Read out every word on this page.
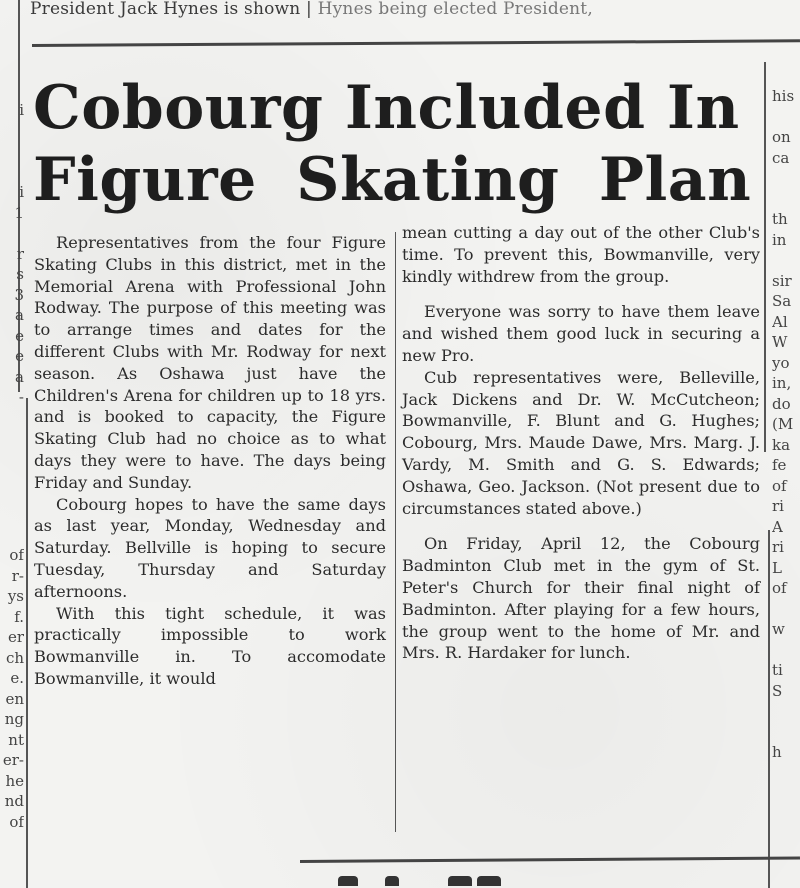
President Jack Hynes is shown | Hynes being elected President,
Cobourg Included In
Figure Skating Plan

Representatives from the four Figure Skating Clubs in this district, met in the Memorial Arena with Professional John Rodway. The purpose of this meeting was to arrange times and dates for the different Clubs with Mr. Rodway for next season. As Oshawa just have the Children's Arena for children up to 18 yrs. and is booked to capacity, the Figure Skating Club had no choice as to what days they were to have. The days being Friday and Sunday.

Cobourg hopes to have the same days as last year, Monday, Wednesday and Saturday. Bellville is hoping to secure Tuesday, Thursday and Saturday afternoons.

With this tight schedule, it was practically impossible to work Bowmanville in. To accomodate Bowmanville, it would

mean cutting a day out of the other Club's time. To prevent this, Bowmanville, very kindly withdrew from the group.

Everyone was sorry to have them leave and wished them good luck in securing a new Pro.

Cub representatives were, Belleville, Jack Dickens and Dr. W. McCutcheon; Bowmanville, F. Blunt and G. Hughes; Cobourg, Mrs. Maude Dawe, Mrs. Marg. J. Vardy, M. Smith and G. S. Edwards; Oshawa, Geo. Jackson. (Not present due to circumstances stated above.)

On Friday, April 12, the Cobourg Badminton Club met in the gym of St. Peter's Church for their final night of Badminton. After playing for a few hours, the group went to the home of Mr. and Mrs. R. Hardaker for lunch.

i
i
1
r
s
3
a
e
e
a
-
of
r-
ys
f.
er
ch
e.
en
ng
nt
er-
he
nd
of
his
on
ca
th
in
sir
Sa
Al
W
yo
in,
do
(M
ka
fe
of
ri
A
ri
L
of
w
ti
S
h
